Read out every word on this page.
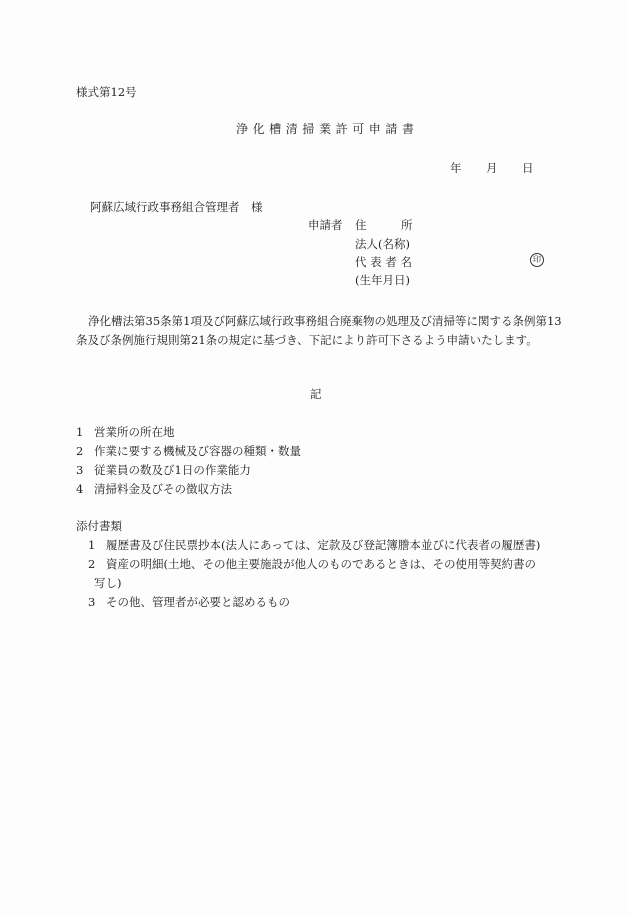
様式第12号
浄化槽清掃業許可申請書
年 月 日
阿蘇広域行政事務組合管理者　様
申請者 住　　　所
法人(名称)
代 表 者 名
(生年月日)
印
浄化槽法第35条第1項及び阿蘇広域行政事務組合廃棄物の処理及び清掃等に関する条例第13条及び条例施行規則第21条の規定に基づき、下記により許可下さるよう申請いたします。
記
1 営業所の所在地
2 作業に要する機械及び容器の種類・数量
3 従業員の数及び1日の作業能力
4 清掃料金及びその徴収方法
添付書類
1 履歴書及び住民票抄本(法人にあっては、定款及び登記簿謄本並びに代表者の履歴書)
2 資産の明細(土地、その他主要施設が他人のものであるときは、その使用等契約書の
写し)
3 その他、管理者が必要と認めるもの
